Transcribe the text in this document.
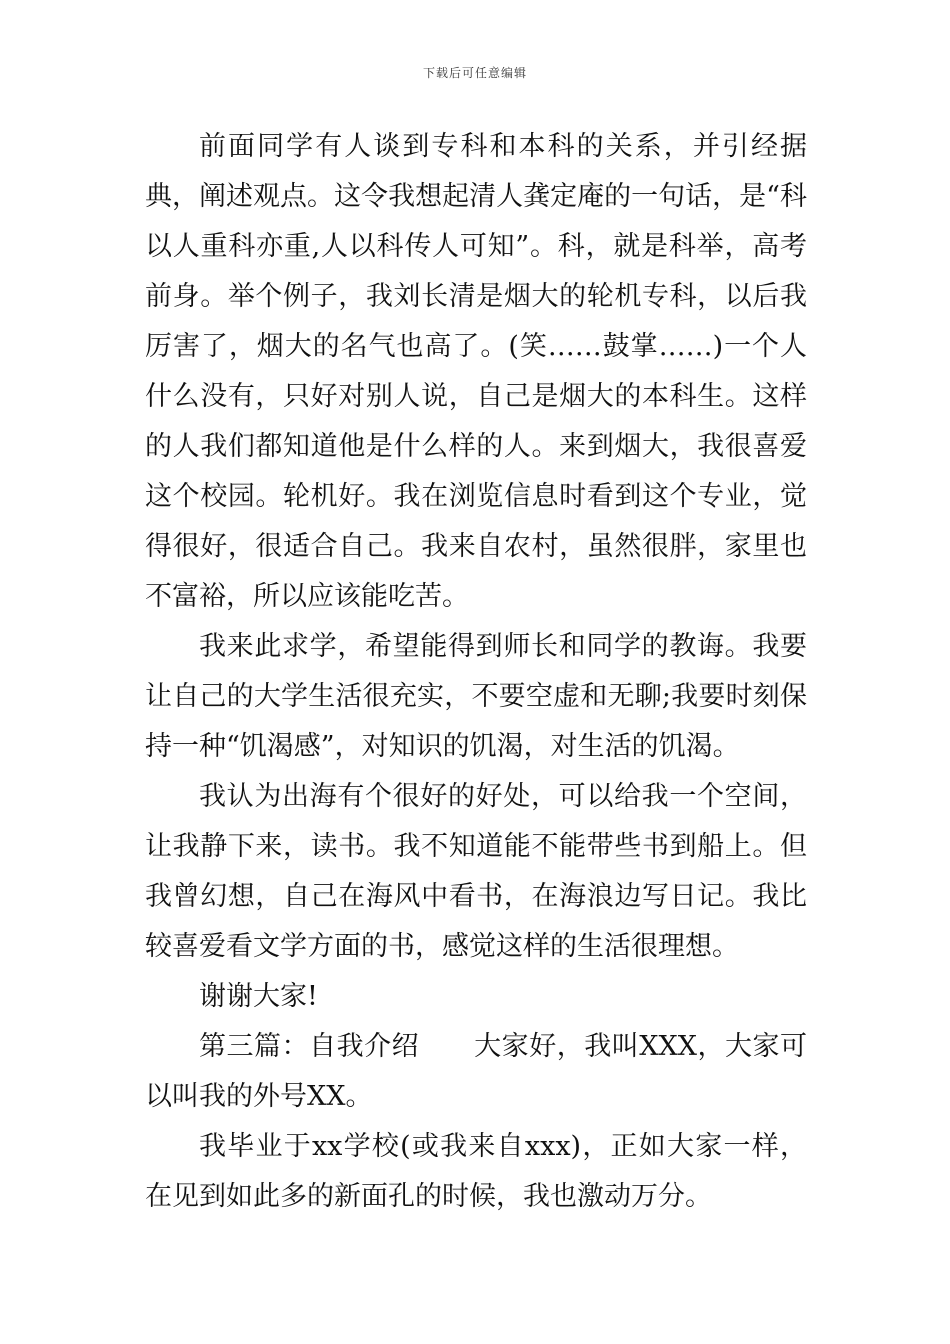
下载后可任意编辑

前面同学有人谈到专科和本科的关系，并引经据典，阐述观点。这令我想起清人龚定庵的一句话，是“科以人重科亦重,人以科传人可知”。科，就是科举，高考前身。举个例子，我刘长清是烟大的轮机专科，以后我厉害了，烟大的名气也高了。(笑……鼓掌……)一个人什么没有，只好对别人说，自己是烟大的本科生。这样的人我们都知道他是什么样的人。来到烟大，我很喜爱这个校园。轮机好。我在浏览信息时看到这个专业，觉得很好，很适合自己。我来自农村，虽然很胖，家里也不富裕，所以应该能吃苦。

我来此求学，希望能得到师长和同学的教诲。我要让自己的大学生活很充实，不要空虚和无聊;我要时刻保持一种“饥渴感”，对知识的饥渴，对生活的饥渴。

我认为出海有个很好的好处，可以给我一个空间，让我静下来，读书。我不知道能不能带些书到船上。但我曾幻想，自己在海风中看书，在海浪边写日记。我比较喜爱看文学方面的书，感觉这样的生活很理想。

谢谢大家!

第三篇：自我介绍　　大家好，我叫XXX，大家可以叫我的外号XX。

我毕业于xx学校(或我来自xxx)，正如大家一样，在见到如此多的新面孔的时候，我也激动万分。
